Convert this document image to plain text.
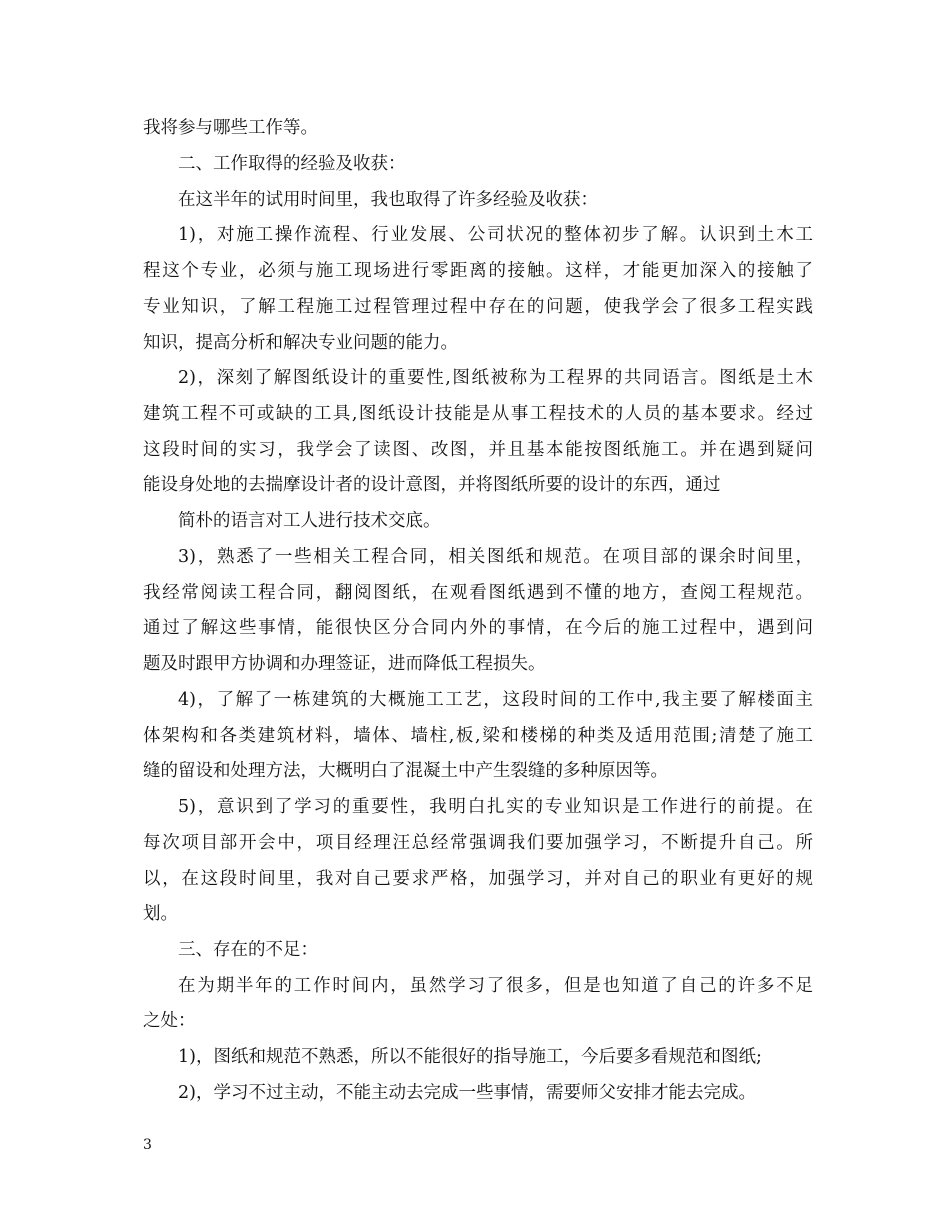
我将参与哪些工作等。
二、工作取得的经验及收获：
在这半年的试用时间里，我也取得了许多经验及收获：
1)，对施工操作流程、行业发展、公司状况的整体初步了解。认识到土木工
程这个专业，必须与施工现场进行零距离的接触。这样，才能更加深入的接触了
专业知识，了解工程施工过程管理过程中存在的问题，使我学会了很多工程实践
知识，提高分析和解决专业问题的能力。
2)，深刻了解图纸设计的重要性,图纸被称为工程界的共同语言。图纸是土木
建筑工程不可或缺的工具,图纸设计技能是从事工程技术的人员的基本要求。经过
这段时间的实习，我学会了读图、改图，并且基本能按图纸施工。并在遇到疑问
能设身处地的去揣摩设计者的设计意图，并将图纸所要的设计的东西，通过
简朴的语言对工人进行技术交底。
3)，熟悉了一些相关工程合同，相关图纸和规范。在项目部的课余时间里，
我经常阅读工程合同，翻阅图纸，在观看图纸遇到不懂的地方，查阅工程规范。
通过了解这些事情，能很快区分合同内外的事情，在今后的施工过程中，遇到问
题及时跟甲方协调和办理签证，进而降低工程损失。
4)，了解了一栋建筑的大概施工工艺，这段时间的工作中,我主要了解楼面主
体架构和各类建筑材料，墙体、墙柱,板,梁和楼梯的种类及适用范围;清楚了施工
缝的留设和处理方法，大概明白了混凝土中产生裂缝的多种原因等。
5)，意识到了学习的重要性，我明白扎实的专业知识是工作进行的前提。在
每次项目部开会中，项目经理汪总经常强调我们要加强学习，不断提升自己。所
以，在这段时间里，我对自己要求严格，加强学习，并对自己的职业有更好的规
划。
三、存在的不足：
在为期半年的工作时间内，虽然学习了很多，但是也知道了自己的许多不足
之处：
1)，图纸和规范不熟悉，所以不能很好的指导施工，今后要多看规范和图纸;
2)，学习不过主动，不能主动去完成一些事情，需要师父安排才能去完成。
3
